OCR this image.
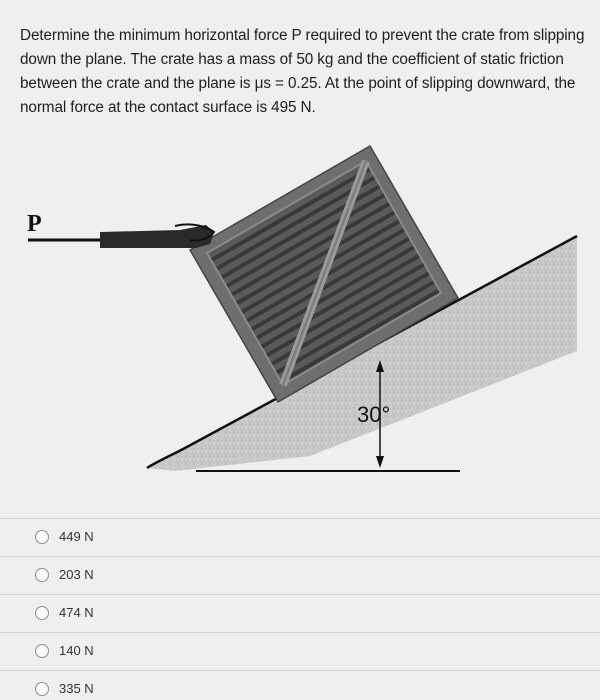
Determine the minimum horizontal force P required to prevent the crate from slipping down the plane. The crate has a mass of 50 kg and the coefficient of static friction between the crate and the plane is μs = 0.25. At the point of slipping downward, the normal force at the contact surface is 495 N.

P
30°
449 N
203 N
474 N
140 N
335 N
